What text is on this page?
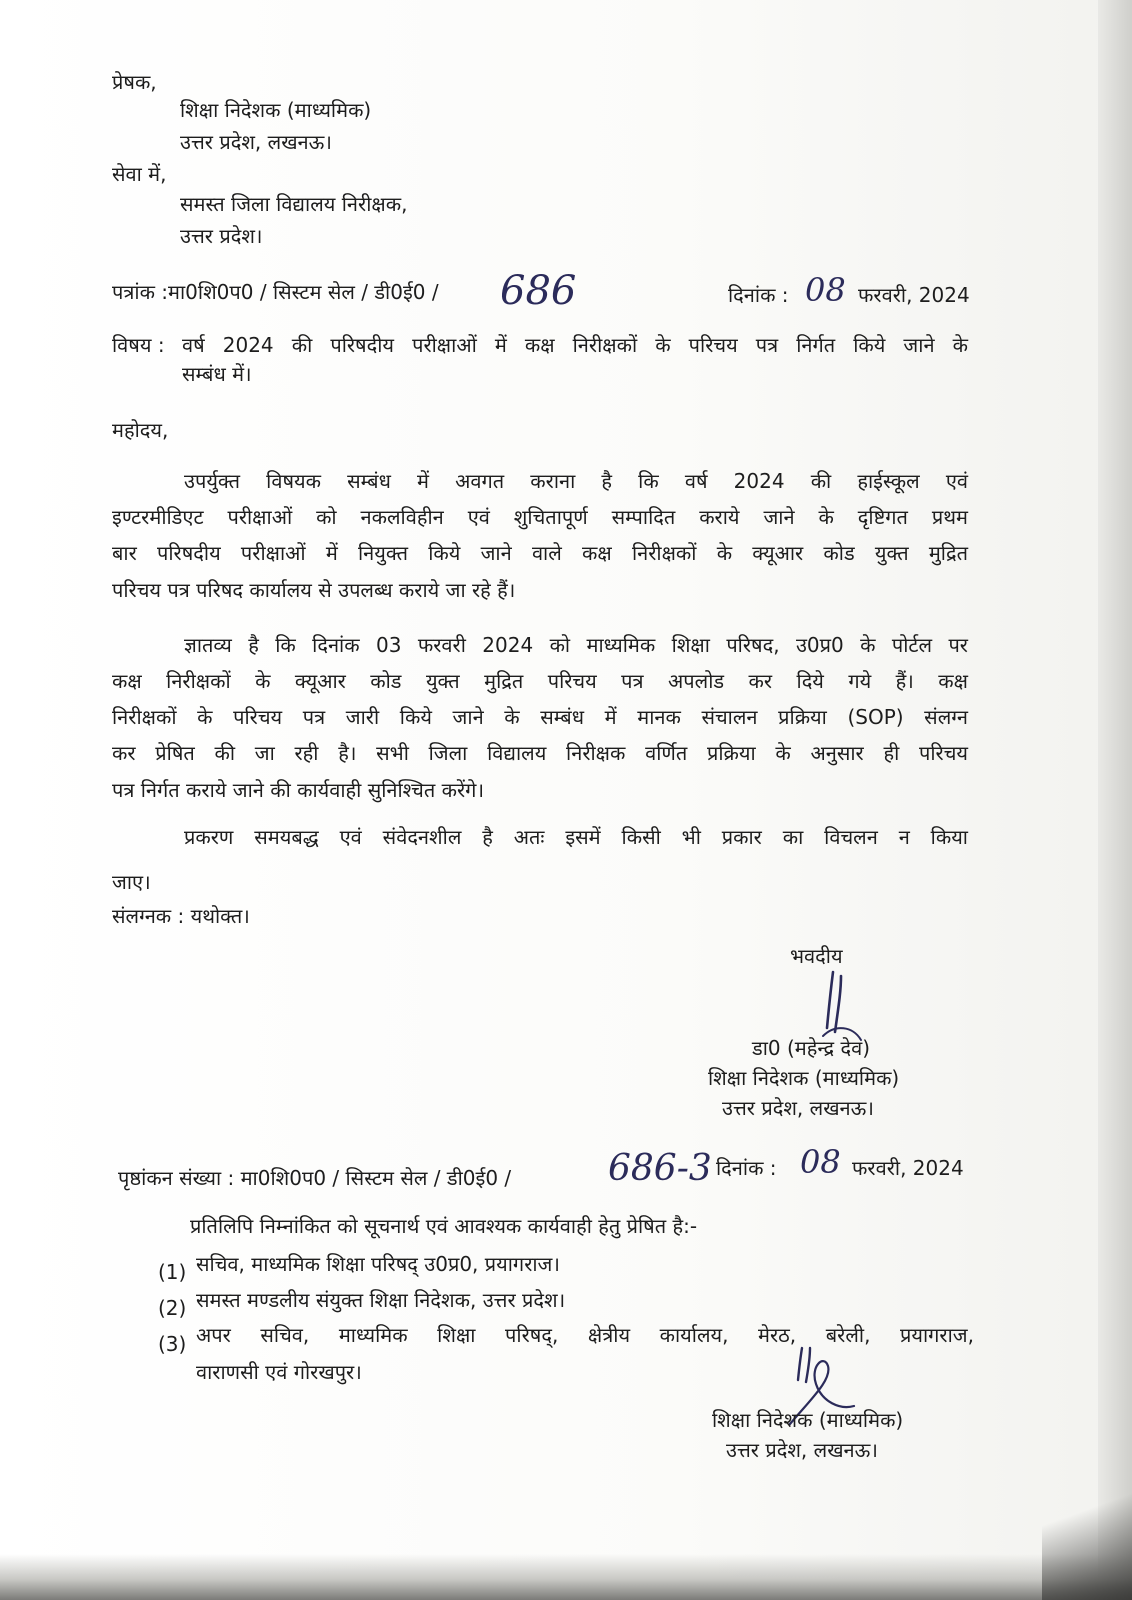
प्रेषक,
शिक्षा निदेशक (माध्यमिक)
उत्तर प्रदेश, लखनऊ।
सेवा में,
समस्त जिला विद्यालय निरीक्षक,
उत्तर प्रदेश।
पत्रांक :मा0शि0प0 / सिस्टम सेल / डी0ई0 / 686	दिनांक : 08 फरवरी, 2024
विषय : वर्ष 2024 की परिषदीय परीक्षाओं में कक्ष निरीक्षकों के परिचय पत्र निर्गत किये जाने के
सम्बंध में।
महोदय,
उपर्युक्त विषयक सम्बंध में अवगत कराना है कि वर्ष 2024 की हाईस्कूल एवं
इण्टरमीडिएट परीक्षाओं को नकलविहीन एवं शुचितापूर्ण सम्पादित कराये जाने के दृष्टिगत प्रथम
बार परिषदीय परीक्षाओं में नियुक्त किये जाने वाले कक्ष निरीक्षकों के क्यूआर कोड युक्त मुद्रित
परिचय पत्र परिषद कार्यालय से उपलब्ध कराये जा रहे हैं।
ज्ञातव्य है कि दिनांक 03 फरवरी 2024 को माध्यमिक शिक्षा परिषद, उ0प्र0 के पोर्टल पर
कक्ष निरीक्षकों के क्यूआर कोड युक्त मुद्रित परिचय पत्र अपलोड कर दिये गये हैं। कक्ष
निरीक्षकों के परिचय पत्र जारी किये जाने के सम्बंध में मानक संचालन प्रक्रिया (SOP) संलग्न
कर प्रेषित की जा रही है। सभी जिला विद्यालय निरीक्षक वर्णित प्रक्रिया के अनुसार ही परिचय
पत्र निर्गत कराये जाने की कार्यवाही सुनिश्चित करेंगे।
प्रकरण समयबद्ध एवं संवेदनशील है अतः इसमें किसी भी प्रकार का विचलन न किया
जाए।
संलग्नक : यथोक्त।
भवदीय
डा0 (महेन्द्र देव)
शिक्षा निदेशक (माध्यमिक)
उत्तर प्रदेश, लखनऊ।
पृष्ठांकन संख्या : मा0शि0प0 / सिस्टम सेल / डी0ई0 /	686-3 दिनांक : 08 फरवरी, 2024
प्रतिलिपि निम्नांकित को सूचनार्थ एवं आवश्यक कार्यवाही हेतु प्रेषित है:-
(1) सचिव, माध्यमिक शिक्षा परिषद् उ0प्र0, प्रयागराज।
(2) समस्त मण्डलीय संयुक्त शिक्षा निदेशक, उत्तर प्रदेश।
(3) अपर सचिव, माध्यमिक शिक्षा परिषद्, क्षेत्रीय कार्यालय, मेरठ, बरेली, प्रयागराज,
वाराणसी एवं गोरखपुर।
शिक्षा निदेशक (माध्यमिक)
उत्तर प्रदेश, लखनऊ।
